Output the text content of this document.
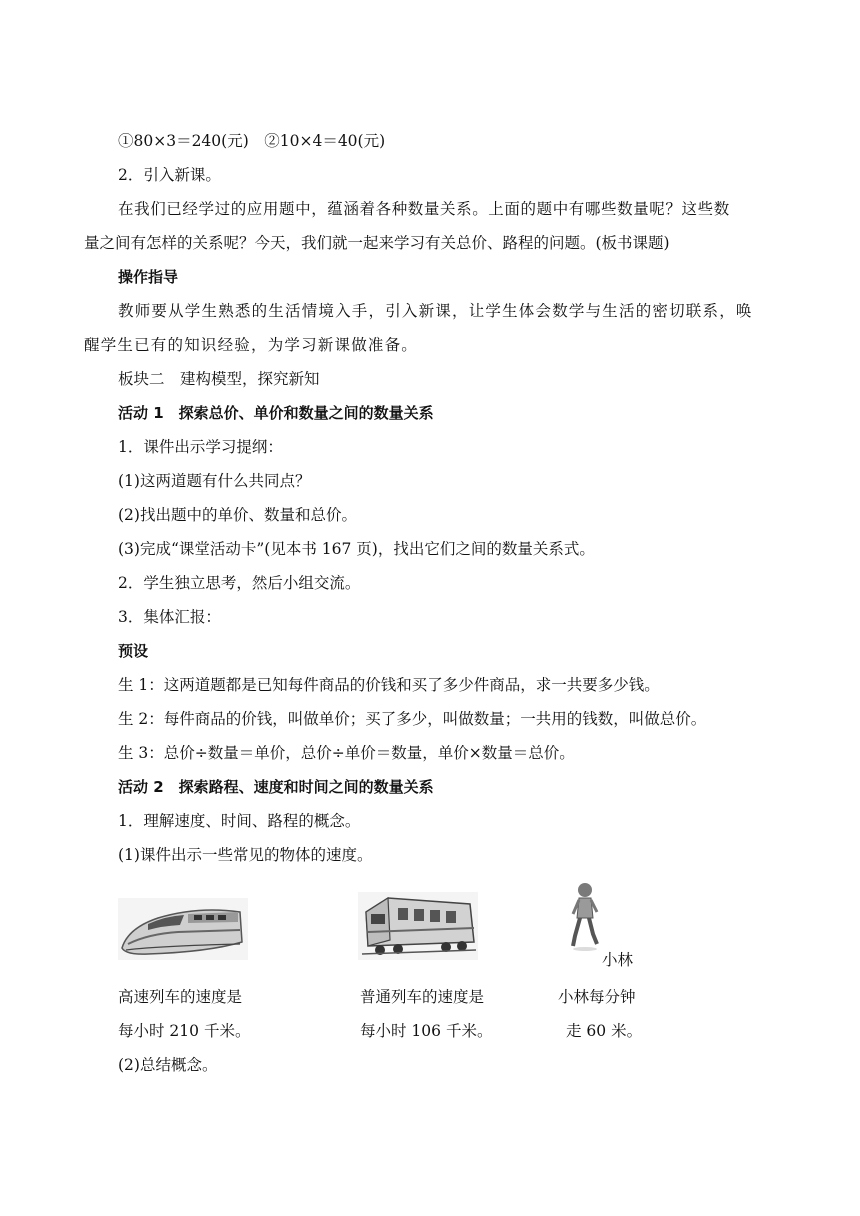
①80×3＝240(元)　②10×4＝40(元)
2．引入新课。
在我们已经学过的应用题中，蕴涵着各种数量关系。上面的题中有哪些数量呢？这些数
量之间有怎样的关系呢？今天，我们就一起来学习有关总价、路程的问题。(板书课题)
操作指导
教师要从学生熟悉的生活情境入手，引入新课，让学生体会数学与生活的密切联系，唤
醒学生已有的知识经验，为学习新课做准备。
板块二　建构模型，探究新知
活动 1　探索总价、单价和数量之间的数量关系
1．课件出示学习提纲：
(1)这两道题有什么共同点？
(2)找出题中的单价、数量和总价。
(3)完成“课堂活动卡”(见本书 167 页)，找出它们之间的数量关系式。
2．学生独立思考，然后小组交流。
3．集体汇报：
预设
生 1：这两道题都是已知每件商品的价钱和买了多少件商品，求一共要多少钱。
生 2：每件商品的价钱，叫做单价；买了多少，叫做数量；一共用的钱数，叫做总价。
生 3：总价÷数量＝单价，总价÷单价＝数量，单价×数量＝总价。
活动 2　探索路程、速度和时间之间的数量关系
1．理解速度、时间、路程的概念。
(1)课件出示一些常见的物体的速度。
小林
高速列车的速度是
每小时 210 千米。
普通列车的速度是
每小时 106 千米。
小林每分钟
走 60 米。
(2)总结概念。
